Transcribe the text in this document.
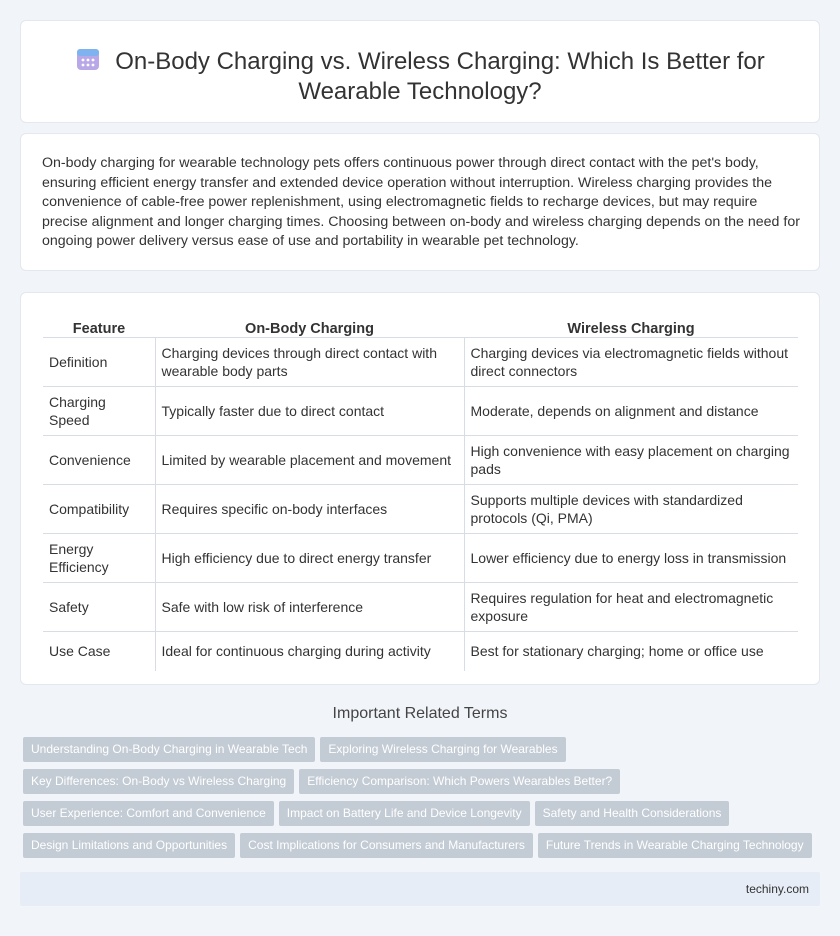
On-Body Charging vs. Wireless Charging: Which Is Better for Wearable Technology?

On-body charging for wearable technology pets offers continuous power through direct contact with the pet's body, ensuring efficient energy transfer and extended device operation without interruption. Wireless charging provides the convenience of cable-free power replenishment, using electromagnetic fields to recharge devices, but may require precise alignment and longer charging times. Choosing between on-body and wireless charging depends on the need for ongoing power delivery versus ease of use and portability in wearable pet technology.

Feature	On-Body Charging	Wireless Charging
Definition	Charging devices through direct contact with wearable body parts	Charging devices via electromagnetic fields without direct connectors
Charging Speed	Typically faster due to direct contact	Moderate, depends on alignment and distance
Convenience	Limited by wearable placement and movement	High convenience with easy placement on charging pads
Compatibility	Requires specific on-body interfaces	Supports multiple devices with standardized protocols (Qi, PMA)
Energy Efficiency	High efficiency due to direct energy transfer	Lower efficiency due to energy loss in transmission
Safety	Safe with low risk of interference	Requires regulation for heat and electromagnetic exposure
Use Case	Ideal for continuous charging during activity	Best for stationary charging; home or office use
Important Related Terms
Understanding On-Body Charging in Wearable Tech Exploring Wireless Charging for Wearables
Key Differences: On-Body vs Wireless Charging Efficiency Comparison: Which Powers Wearables Better?
User Experience: Comfort and Convenience Impact on Battery Life and Device Longevity Safety and Health Considerations
Design Limitations and Opportunities Cost Implications for Consumers and Manufacturers Future Trends in Wearable Charging Technology
techiny.com
